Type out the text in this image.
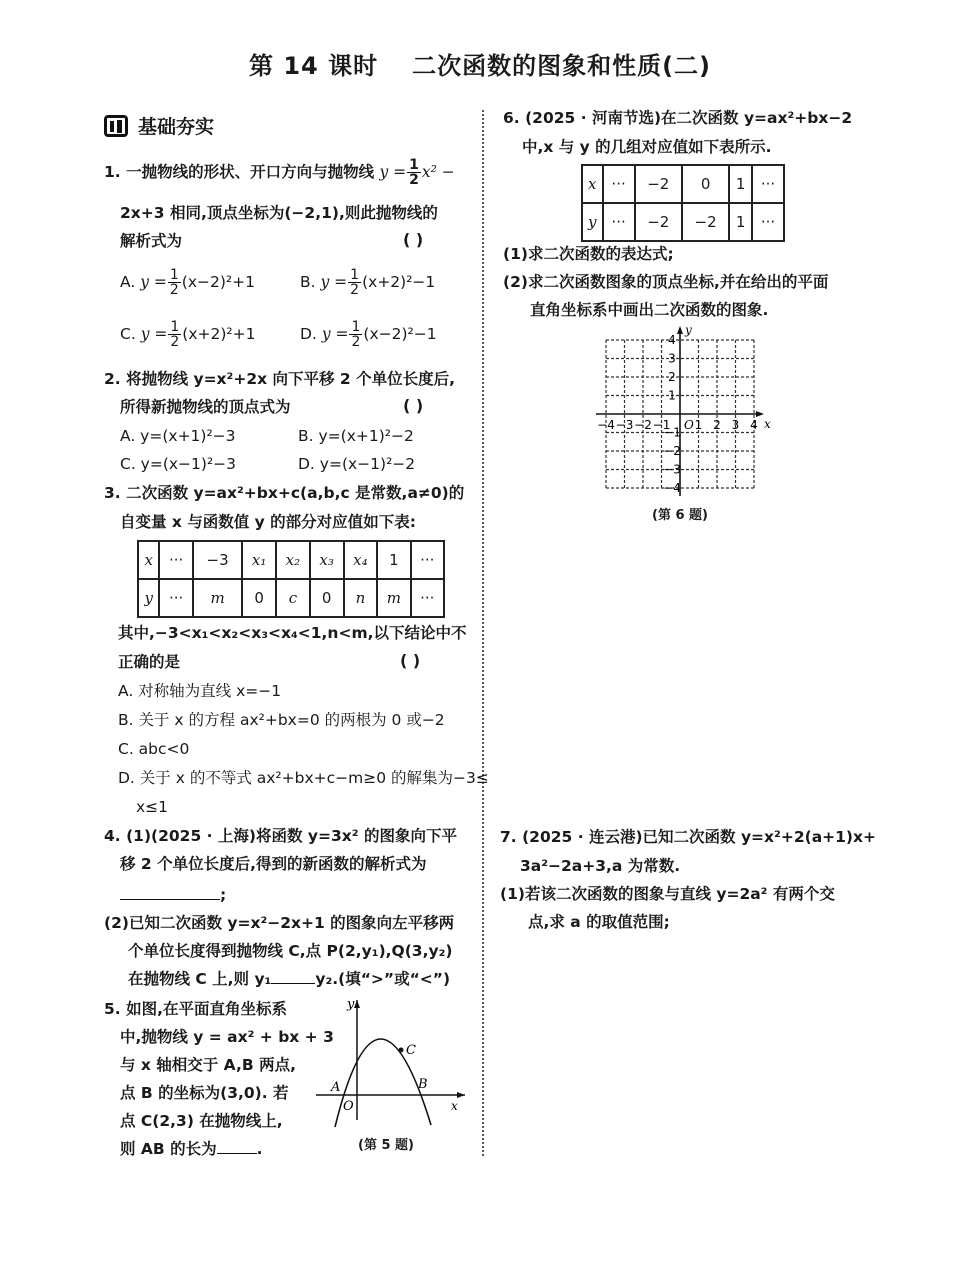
第 14 课时 二次函数的图象和性质(二)
基础夯实
1. 一抛物线的形状、开口方向与抛物线 $y = \frac{1}{2} x^2$ −
2x+3 相同,顶点坐标为(−2,1),则此抛物线的
解析式为	( )
A. $y = \frac{1}{2} (x-2)^2+1$	B. $y = \frac{1}{2} (x+2)^2-1$
C. $y = \frac{1}{2} (x+2)^2+1$	D. $y = \frac{1}{2} (x-2)^2-1$
2. 将抛物线 y=x²+2x 向下平移 2 个单位长度后,
所得新抛物线的顶点式为	( )
A. y=(x+1)²−3	B. y=(x+1)²−2
C. y=(x−1)²−3	D. y=(x−1)²−2
3. 二次函数 y=ax²+bx+c(a,b,c 是常数,a≠0)的
自变量 x 与函数值 y 的部分对应值如下表:
x	···	−3	x₁	x₂	x₃	x₄	1	···
y	···	m	0	c	0	n	m	···
其中,−3<x₁<x₂<x₃<x₄<1,n<m,以下结论中不
正确的是	( )
A. 对称轴为直线 x=−1
B. 关于 x 的方程 ax²+bx=0 的两根为 0 或−2
C. abc<0
D. 关于 x 的不等式 ax²+bx+c−m≥0 的解集为−3≤
x≤1
4. (1)(2025 · 上海)将函数 y=3x² 的图象向下平
移 2 个单位长度后,得到的新函数的解析式为
;
(2)已知二次函数 y=x²−2x+1 的图象向左平移两
个单位长度得到抛物线 C,点 P(2,y₁),Q(3,y₂)
在抛物线 C 上,则 y₁	y₂.(填“>”或“<”)
5. 如图,在平面直角坐标系
中,抛物线 y = ax² + bx + 3
与 x 轴相交于 A,B 两点,
点 B 的坐标为(3,0). 若
点 C(2,3) 在抛物线上,
则 AB 的长为	.
y
x
O
A	B
C
(第 5 题)
6. (2025 · 河南节选)在二次函数 y=ax²+bx−2
中,x 与 y 的几组对应值如下表所示.
x	···	−2	0	1	···
y	···	−2	−2	1	···
(1)求二次函数的表达式;
(2)求二次函数图象的顶点坐标,并在给出的平面
直角坐标系中画出二次函数的图象.
−4 −3 −2 −1 1 2 3 4
4
3
2
1
−1
−2
−3
−4
O	x
y
(第 6 题)
7. (2025 · 连云港)已知二次函数 y=x²+2(a+1)x+
3a²−2a+3,a 为常数.
(1)若该二次函数的图象与直线 y=2a² 有两个交
点,求 a 的取值范围;
